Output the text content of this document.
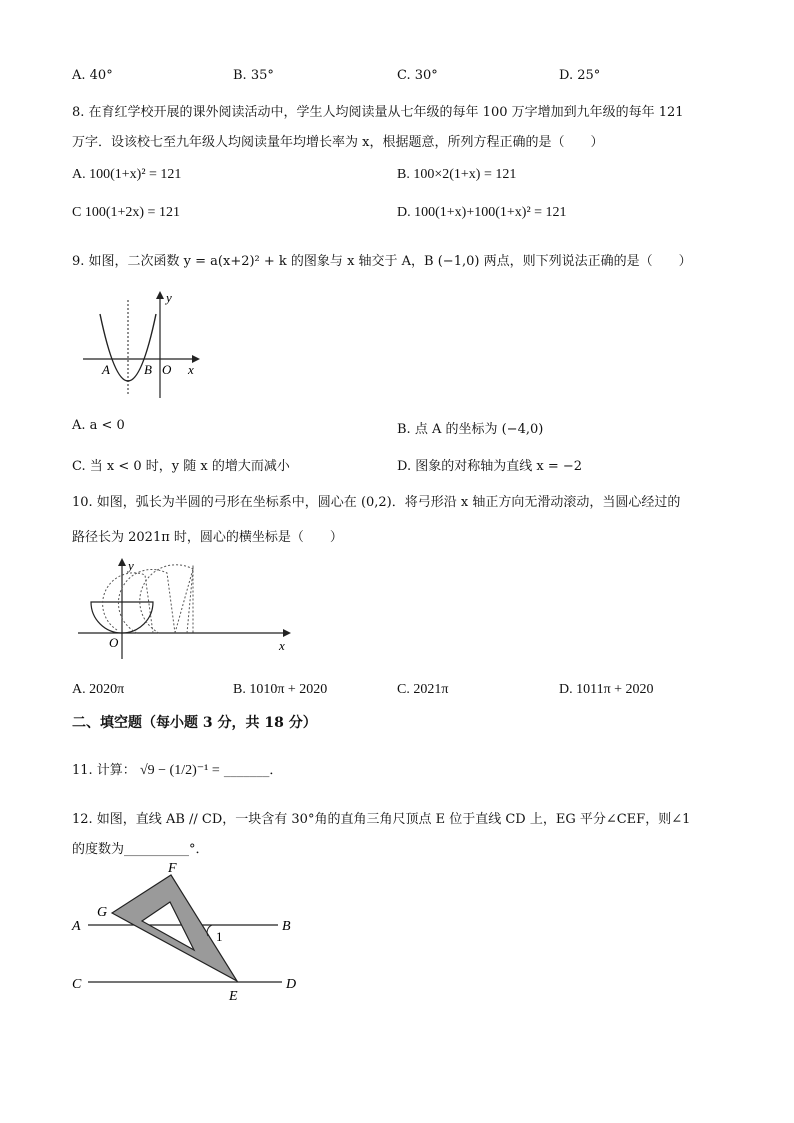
A. 40°	B. 35°	C. 30°	D. 25°
8. 在育红学校开展的课外阅读活动中，学生人均阅读量从七年级的每年 100 万字增加到九年级的每年 121
万字．设该校七至九年级人均阅读量年均增长率为 x，根据题意，所列方程正确的是（　　）
A. 100(1+x)² = 121	B. 100×2(1+x) = 121
C 100(1+2x) = 121	D. 100(1+x)+100(1+x)² = 121
9. 如图，二次函数 y = a(x+2)² + k 的图象与 x 轴交于 A，B (−1,0) 两点，则下列说法正确的是（　　）
y
x
A	B O
A. a < 0	B. 点 A 的坐标为 (−4,0)
C. 当 x < 0 时，y 随 x 的增大而减小	D. 图象的对称轴为直线 x = −2
10. 如图，弧长为半圆的弓形在坐标系中，圆心在 (0,2)．将弓形沿 x 轴正方向无滑动滚动，当圆心经过的
路径长为 2021π 时，圆心的横坐标是（　　）
y
O	x
A. 2020π	B. 1010π + 2020	C. 2021π	D. 1011π + 2020
二、填空题（每小题 3 分，共 18 分）
11. 计算： √9 − (1/2)⁻¹ = _______．
12. 如图，直线 AB // CD，一块含有 30°角的直角三角尺顶点 E 位于直线 CD 上，EG 平分∠CEF，则∠1
的度数为__________°．
A	B
C	D
E
F
G
1
